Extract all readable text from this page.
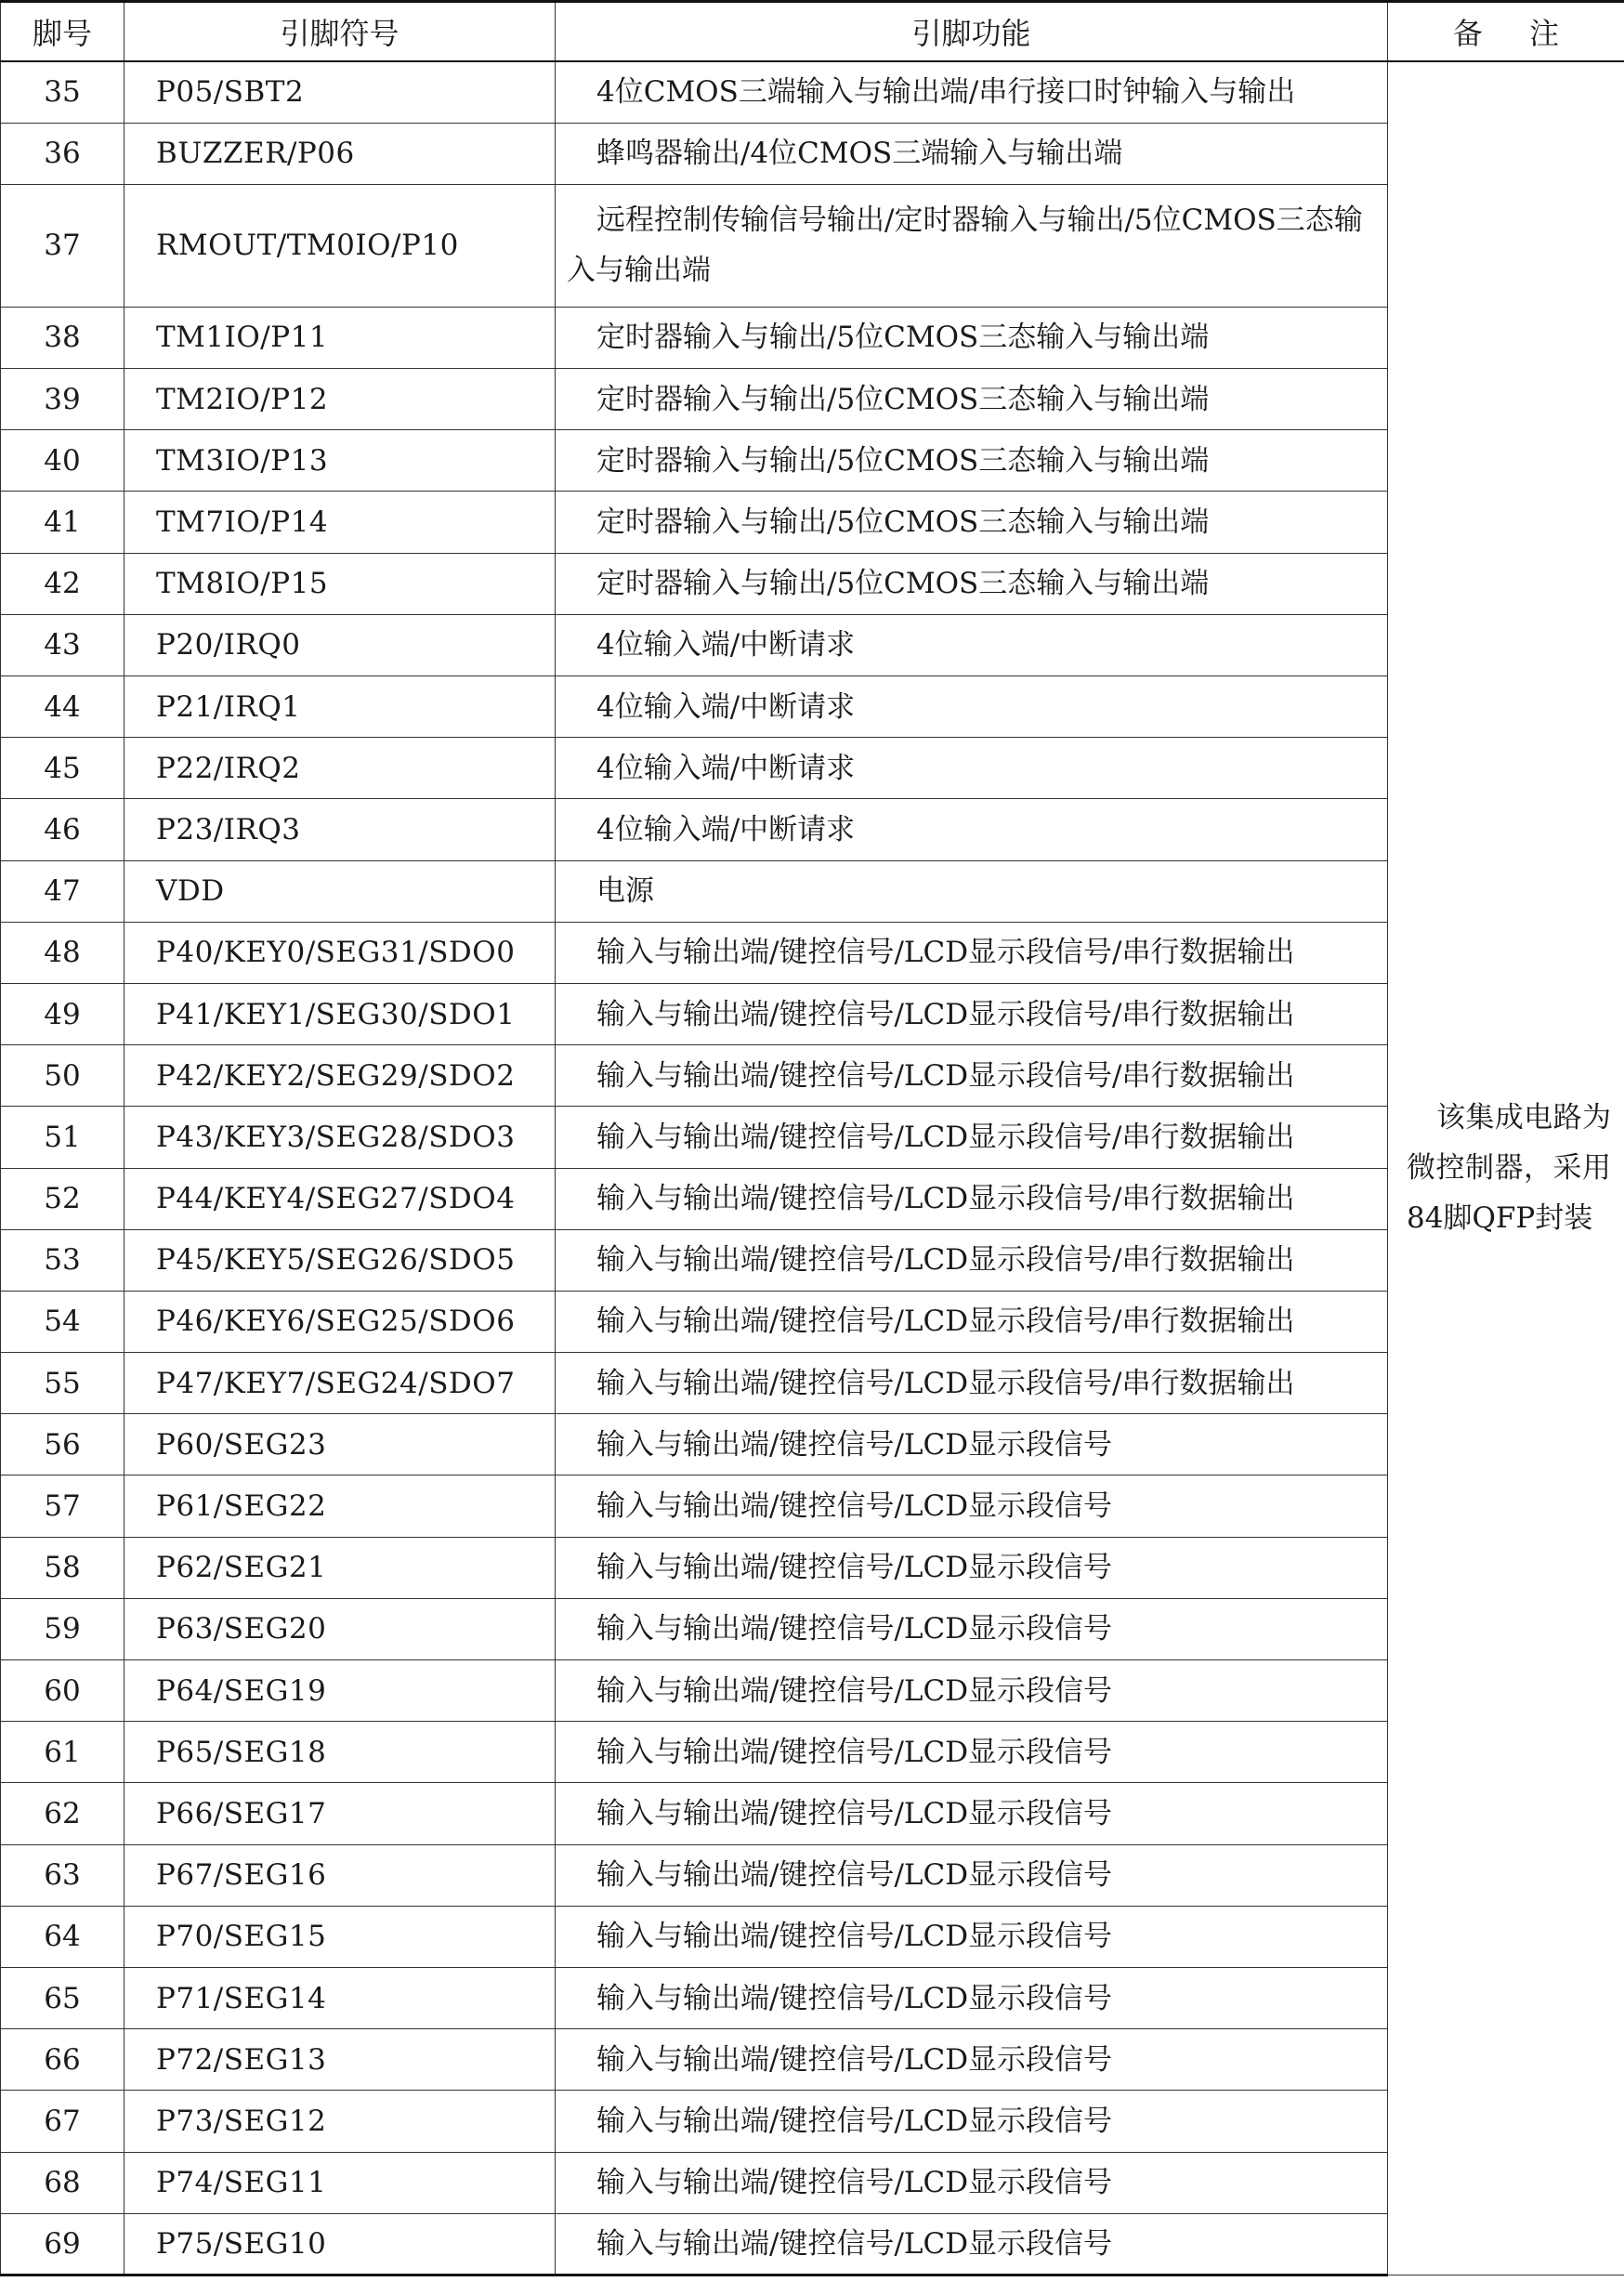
脚号	引脚符号	引脚功能	备 注
35	P05/SBT2	4位CMOS三端输入与输出端/串行接口时钟输入与输出	该集成电路为微控制器，采用84脚QFP封装
36	BUZZER/P06	蜂鸣器输出/4位CMOS三端输入与输出端	
37	RMOUT/TM0IO/P10	远程控制传输信号输出/定时器输入与输出/5位CMOS三态输入与输出端	
38	TM1IO/P11	定时器输入与输出/5位CMOS三态输入与输出端	
39	TM2IO/P12	定时器输入与输出/5位CMOS三态输入与输出端	
40	TM3IO/P13	定时器输入与输出/5位CMOS三态输入与输出端	
41	TM7IO/P14	定时器输入与输出/5位CMOS三态输入与输出端	
42	TM8IO/P15	定时器输入与输出/5位CMOS三态输入与输出端	
43	P20/IRQ0	4位输入端/中断请求	
44	P21/IRQ1	4位输入端/中断请求	
45	P22/IRQ2	4位输入端/中断请求	
46	P23/IRQ3	4位输入端/中断请求	
47	VDD	电源	
48	P40/KEY0/SEG31/SDO0	输入与输出端/键控信号/LCD显示段信号/串行数据输出	
49	P41/KEY1/SEG30/SDO1	输入与输出端/键控信号/LCD显示段信号/串行数据输出	
50	P42/KEY2/SEG29/SDO2	输入与输出端/键控信号/LCD显示段信号/串行数据输出	
51	P43/KEY3/SEG28/SDO3	输入与输出端/键控信号/LCD显示段信号/串行数据输出	
52	P44/KEY4/SEG27/SDO4	输入与输出端/键控信号/LCD显示段信号/串行数据输出	
53	P45/KEY5/SEG26/SDO5	输入与输出端/键控信号/LCD显示段信号/串行数据输出	
54	P46/KEY6/SEG25/SDO6	输入与输出端/键控信号/LCD显示段信号/串行数据输出	
55	P47/KEY7/SEG24/SDO7	输入与输出端/键控信号/LCD显示段信号/串行数据输出	
56	P60/SEG23	输入与输出端/键控信号/LCD显示段信号	
57	P61/SEG22	输入与输出端/键控信号/LCD显示段信号	
58	P62/SEG21	输入与输出端/键控信号/LCD显示段信号	
59	P63/SEG20	输入与输出端/键控信号/LCD显示段信号	
60	P64/SEG19	输入与输出端/键控信号/LCD显示段信号	
61	P65/SEG18	输入与输出端/键控信号/LCD显示段信号	
62	P66/SEG17	输入与输出端/键控信号/LCD显示段信号	
63	P67/SEG16	输入与输出端/键控信号/LCD显示段信号	
64	P70/SEG15	输入与输出端/键控信号/LCD显示段信号	
65	P71/SEG14	输入与输出端/键控信号/LCD显示段信号	
66	P72/SEG13	输入与输出端/键控信号/LCD显示段信号	
67	P73/SEG12	输入与输出端/键控信号/LCD显示段信号	
68	P74/SEG11	输入与输出端/键控信号/LCD显示段信号	
69	P75/SEG10	输入与输出端/键控信号/LCD显示段信号	
